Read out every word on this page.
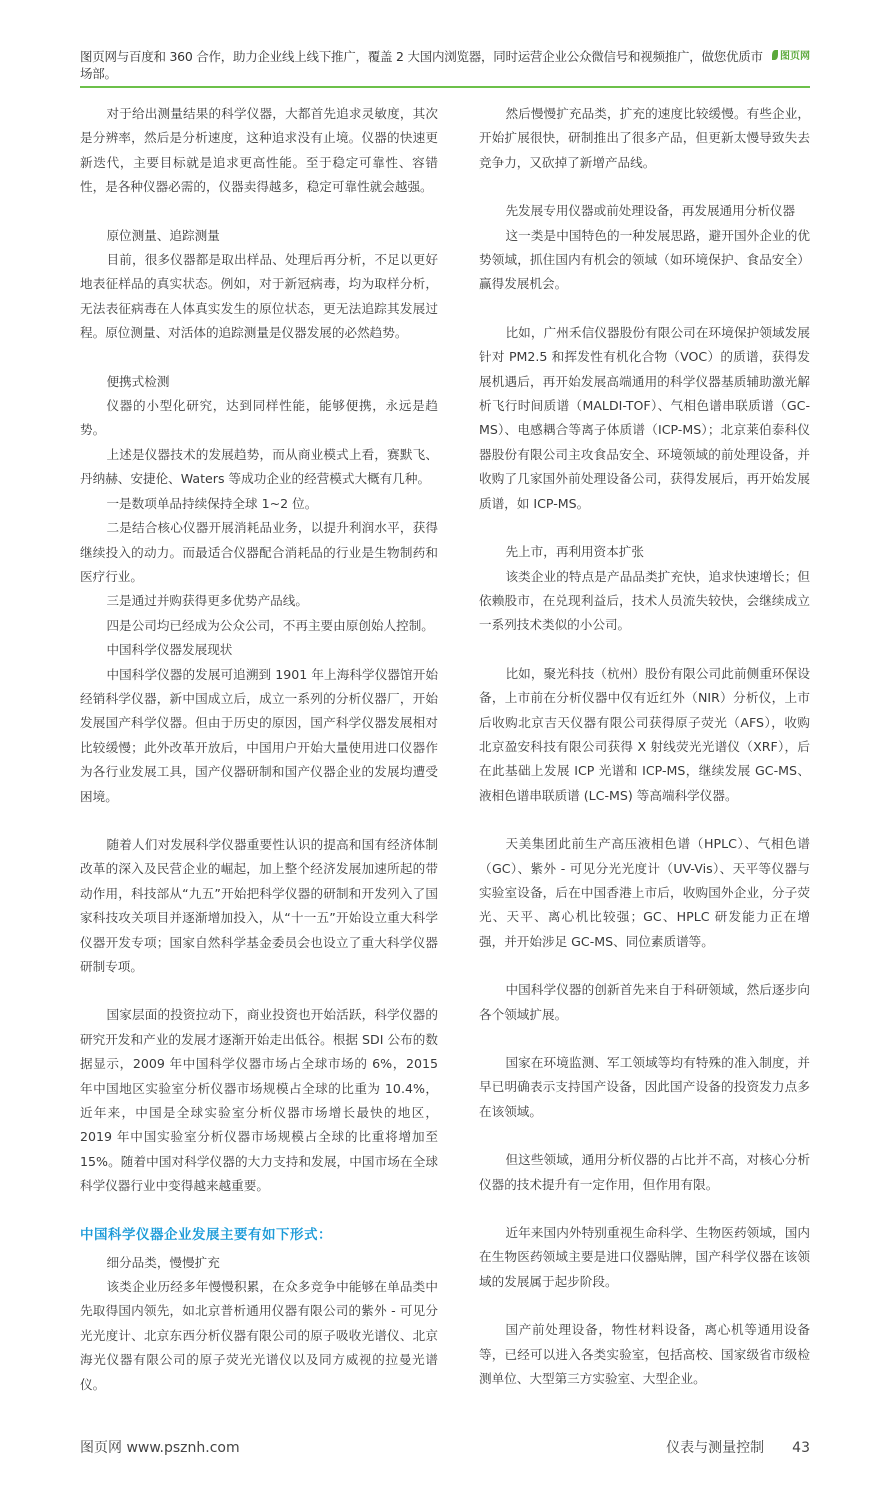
图页网与百度和 360 合作，助力企业线上线下推广，覆盖 2 大国内浏览器，同时运营企业公众微信号和视频推广，做您优质市场部。
图页网

对于给出测量结果的科学仪器，大都首先追求灵敏度，其次是分辨率，然后是分析速度，这种追求没有止境。仪器的快速更新迭代，主要目标就是追求更高性能。至于稳定可靠性、容错性，是各种仪器必需的，仪器卖得越多，稳定可靠性就会越强。

原位测量、追踪测量

目前，很多仪器都是取出样品、处理后再分析，不足以更好地表征样品的真实状态。例如，对于新冠病毒，均为取样分析，无法表征病毒在人体真实发生的原位状态，更无法追踪其发展过程。原位测量、对活体的追踪测量是仪器发展的必然趋势。

便携式检测

仪器的小型化研究，达到同样性能，能够便携，永远是趋势。

上述是仪器技术的发展趋势，而从商业模式上看，赛默飞、丹纳赫、安捷伦、Waters 等成功企业的经营模式大概有几种。

一是数项单品持续保持全球 1~2 位。

二是结合核心仪器开展消耗品业务，以提升利润水平，获得继续投入的动力。而最适合仪器配合消耗品的行业是生物制药和医疗行业。

三是通过并购获得更多优势产品线。

四是公司均已经成为公众公司，不再主要由原创始人控制。

中国科学仪器发展现状

中国科学仪器的发展可追溯到 1901 年上海科学仪器馆开始经销科学仪器，新中国成立后，成立一系列的分析仪器厂，开始发展国产科学仪器。但由于历史的原因，国产科学仪器发展相对比较缓慢；此外改革开放后，中国用户开始大量使用进口仪器作为各行业发展工具，国产仪器研制和国产仪器企业的发展均遭受困境。

随着人们对发展科学仪器重要性认识的提高和国有经济体制改革的深入及民营企业的崛起，加上整个经济发展加速所起的带动作用，科技部从“九五”开始把科学仪器的研制和开发列入了国家科技攻关项目并逐渐增加投入，从“十一五”开始设立重大科学仪器开发专项；国家自然科学基金委员会也设立了重大科学仪器研制专项。

国家层面的投资拉动下，商业投资也开始活跃，科学仪器的研究开发和产业的发展才逐渐开始走出低谷。根据 SDI 公布的数据显示，2009 年中国科学仪器市场占全球市场的 6%，2015 年中国地区实验室分析仪器市场规模占全球的比重为 10.4%，近年来，中国是全球实验室分析仪器市场增长最快的地区，2019 年中国实验室分析仪器市场规模占全球的比重将增加至 15%。随着中国对科学仪器的大力支持和发展，中国市场在全球科学仪器行业中变得越来越重要。

中国科学仪器企业发展主要有如下形式：

细分品类，慢慢扩充

该类企业历经多年慢慢积累，在众多竞争中能够在单品类中先取得国内领先，如北京普析通用仪器有限公司的紫外 - 可见分光光度计、北京东西分析仪器有限公司的原子吸收光谱仪、北京海光仪器有限公司的原子荧光光谱仪以及同方威视的拉曼光谱仪。

然后慢慢扩充品类，扩充的速度比较缓慢。有些企业，开始扩展很快，研制推出了很多产品，但更新太慢导致失去竞争力，又砍掉了新增产品线。

先发展专用仪器或前处理设备，再发展通用分析仪器

这一类是中国特色的一种发展思路，避开国外企业的优势领域，抓住国内有机会的领域（如环境保护、食品安全）赢得发展机会。

比如，广州禾信仪器股份有限公司在环境保护领域发展针对 PM2.5 和挥发性有机化合物（VOC）的质谱，获得发展机遇后，再开始发展高端通用的科学仪器基质辅助激光解析飞行时间质谱（MALDI-TOF）、气相色谱串联质谱（GC-MS）、电感耦合等离子体质谱（ICP-MS）；北京莱伯泰科仪器股份有限公司主攻食品安全、环境领域的前处理设备，并收购了几家国外前处理设备公司，获得发展后，再开始发展质谱，如 ICP-MS。

先上市，再利用资本扩张

该类企业的特点是产品品类扩充快，追求快速增长；但依赖股市，在兑现利益后，技术人员流失较快，会继续成立一系列技术类似的小公司。

比如，聚光科技（杭州）股份有限公司此前侧重环保设备，上市前在分析仪器中仅有近红外（NIR）分析仪，上市后收购北京吉天仪器有限公司获得原子荧光（AFS），收购北京盈安科技有限公司获得 X 射线荧光光谱仪（XRF），后在此基础上发展 ICP 光谱和 ICP-MS，继续发展 GC-MS、液相色谱串联质谱 (LC-MS) 等高端科学仪器。

天美集团此前生产高压液相色谱（HPLC）、气相色谱（GC）、紫外 - 可见分光光度计（UV-Vis）、天平等仪器与实验室设备，后在中国香港上市后，收购国外企业，分子荧光、天平、离心机比较强；GC、HPLC 研发能力正在增强，并开始涉足 GC-MS、同位素质谱等。

中国科学仪器的创新首先来自于科研领域，然后逐步向各个领域扩展。

国家在环境监测、军工领域等均有特殊的准入制度，并早已明确表示支持国产设备，因此国产设备的投资发力点多在该领域。

但这些领域，通用分析仪器的占比并不高，对核心分析仪器的技术提升有一定作用，但作用有限。

近年来国内外特别重视生命科学、生物医药领域，国内在生物医药领域主要是进口仪器贴牌，国产科学仪器在该领域的发展属于起步阶段。

国产前处理设备，物性材料设备，离心机等通用设备等，已经可以进入各类实验室，包括高校、国家级省市级检测单位、大型第三方实验室、大型企业。

图页网 www.psznh.com	仪表与测量控制 43
